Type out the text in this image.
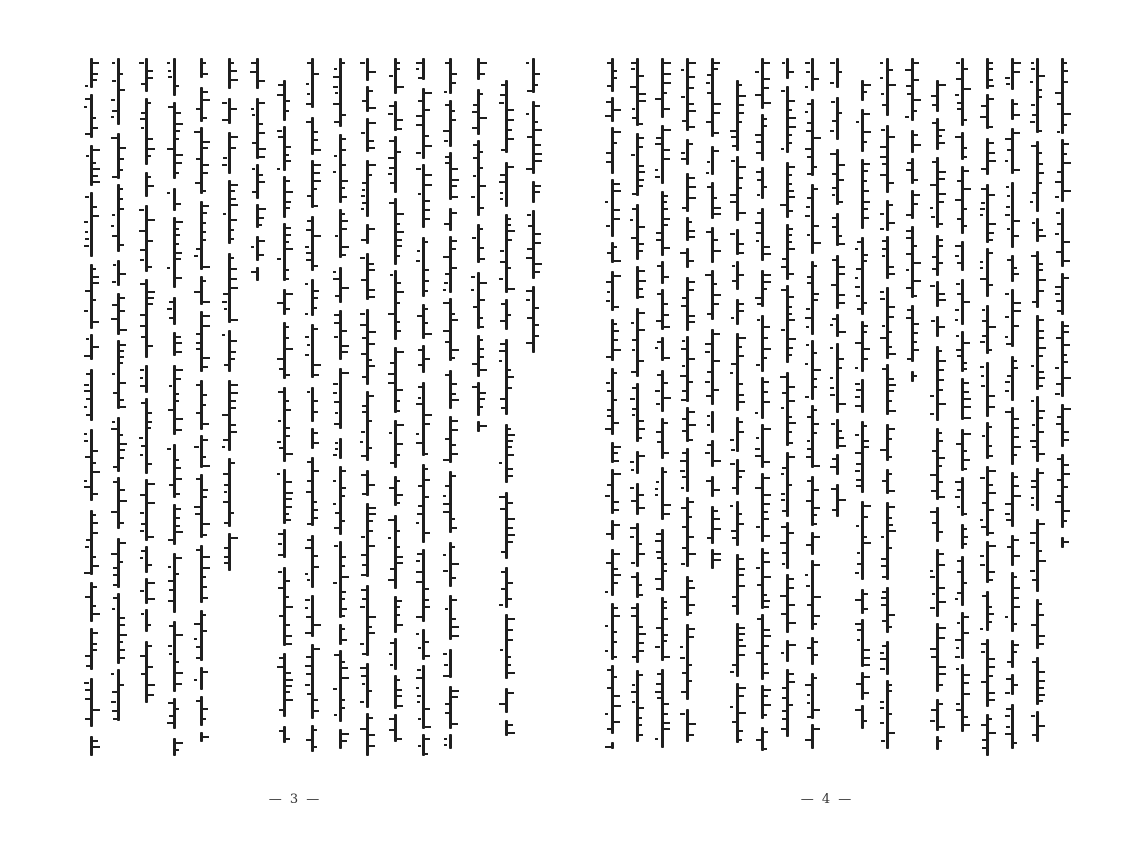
— 3 —	— 4 —
